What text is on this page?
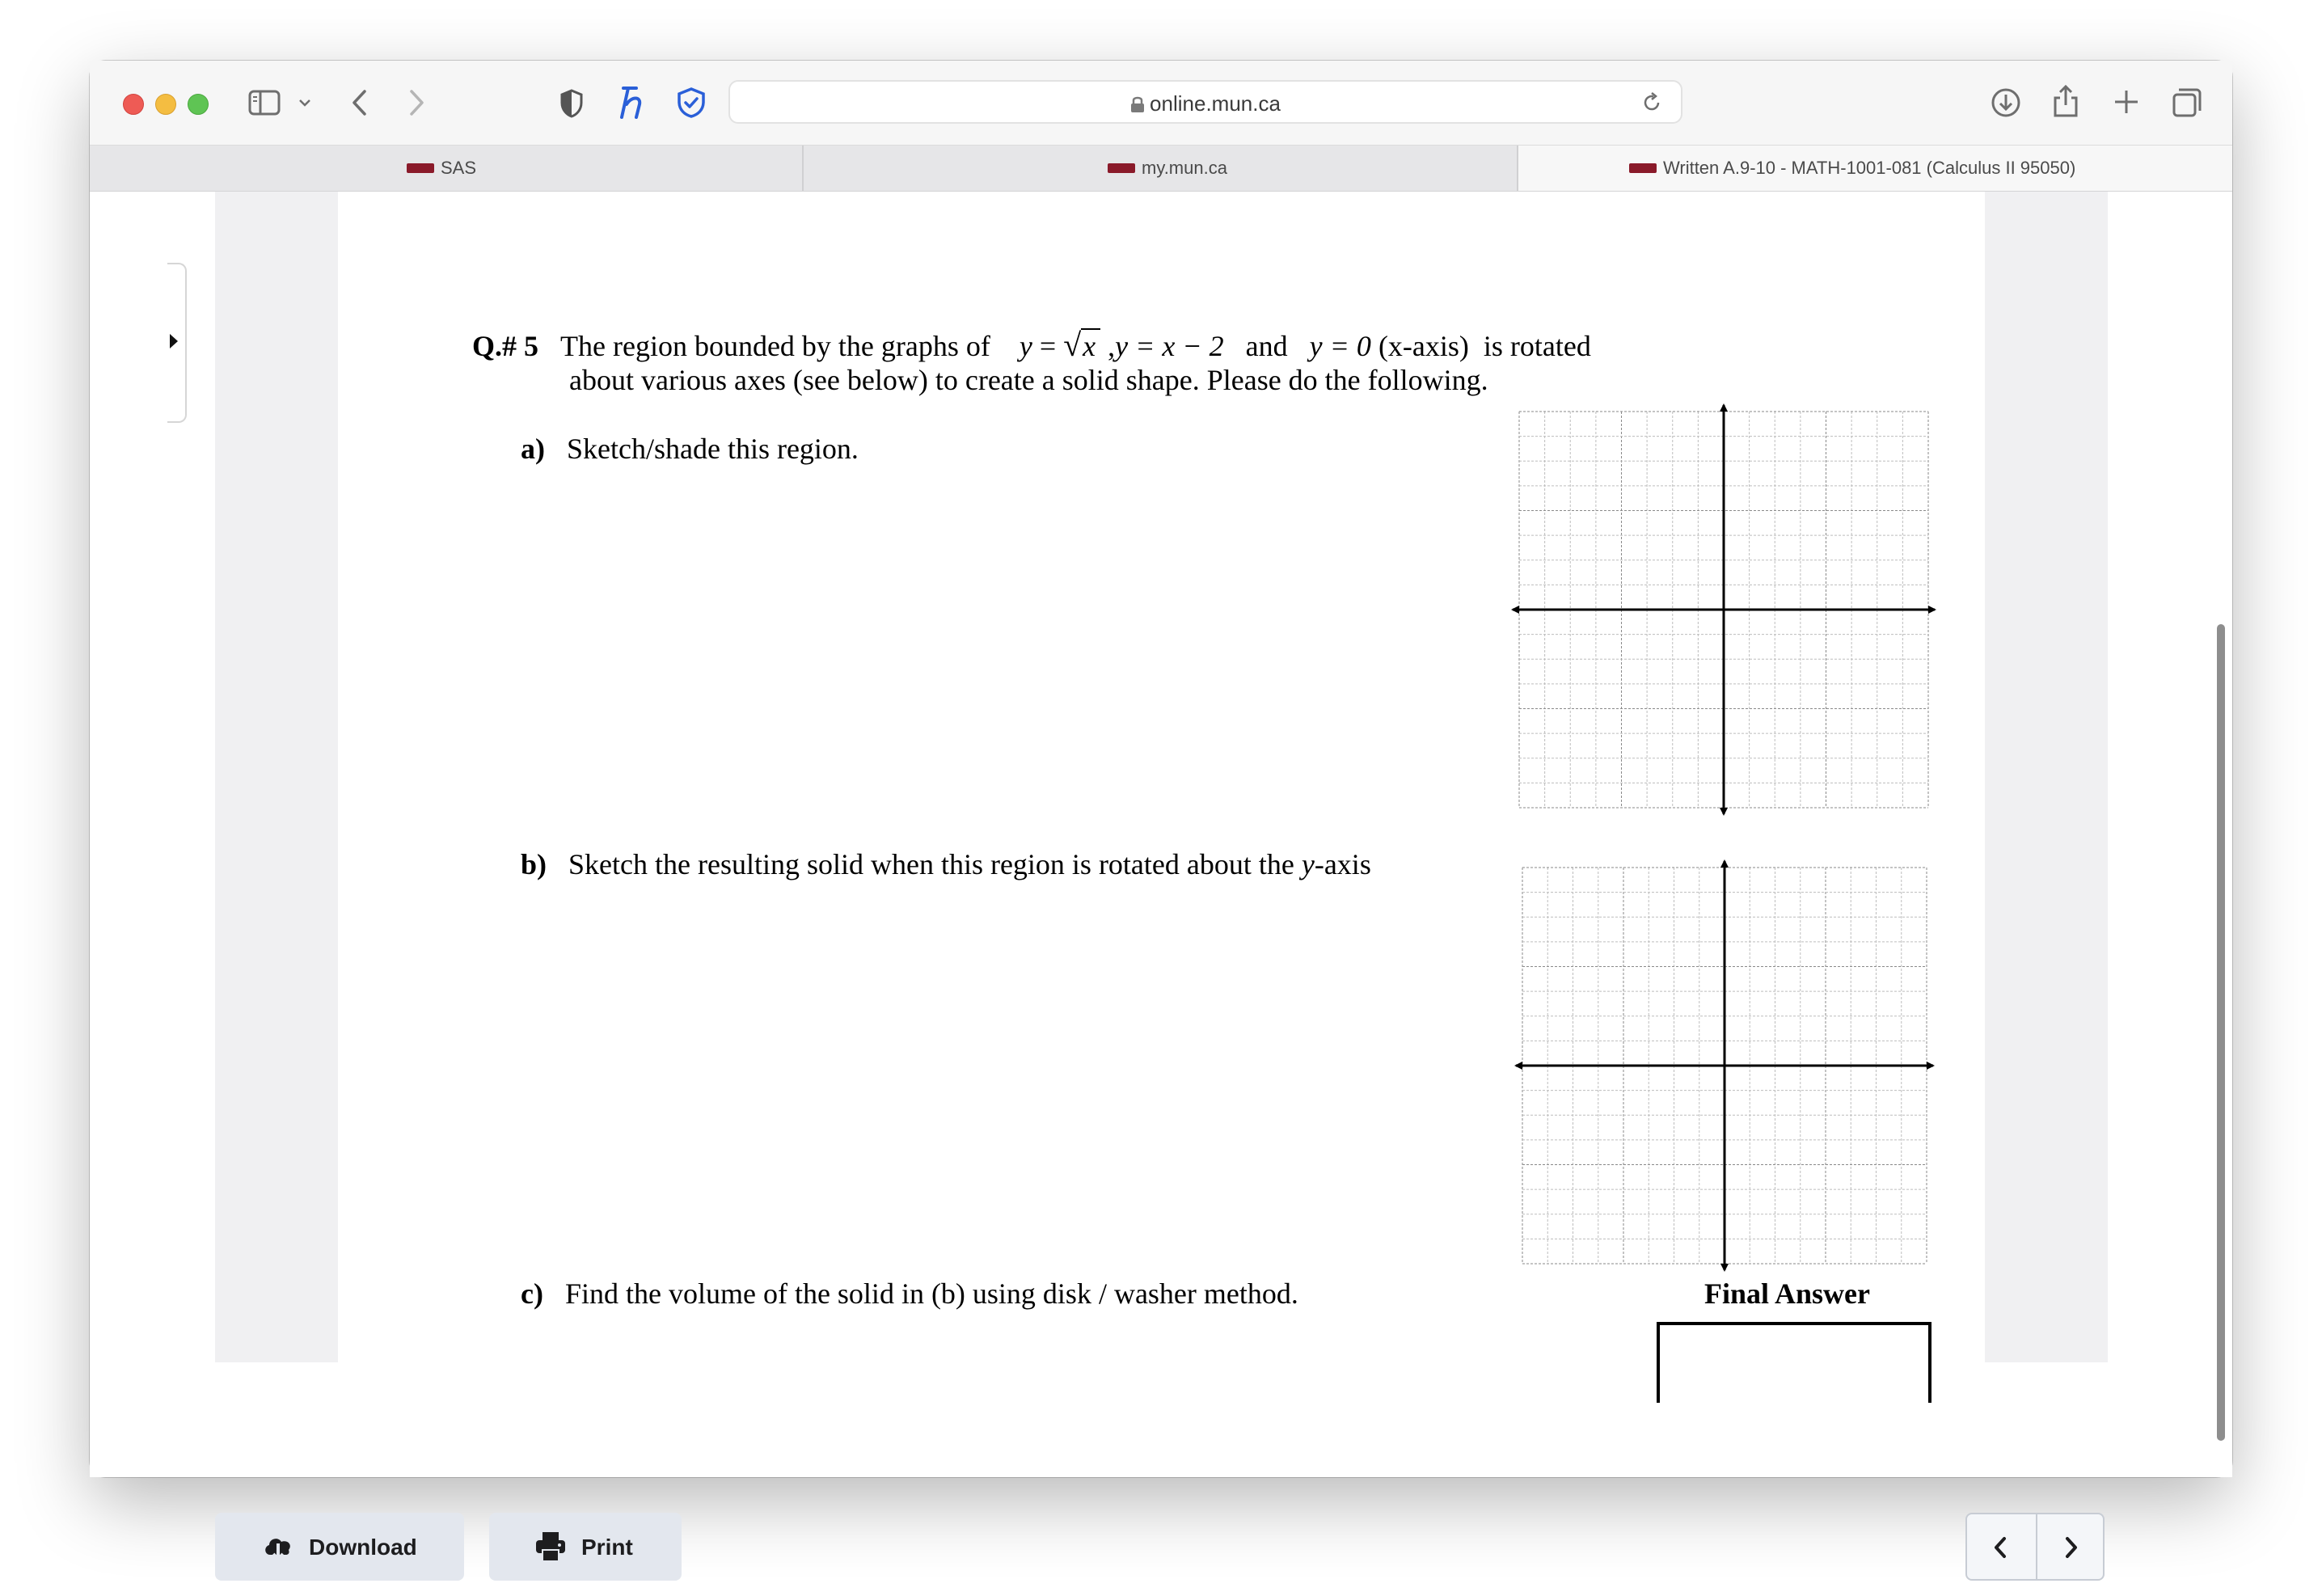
online.mun.ca
SAS	my.mun.ca	Written A.9-10 - MATH-1001-081 (Calculus II 95050)
Q.# 5 The region bounded by the graphs of y = √x ,y = x − 2 and y = 0 (x-axis) is rotated
about various axes (see below) to create a solid shape. Please do the following.
a) Sketch/shade this region.
b) Sketch the resulting solid when this region is rotated about the y-axis
c) Find the volume of the solid in (b) using disk / washer method.	Final Answer
Download	Print
